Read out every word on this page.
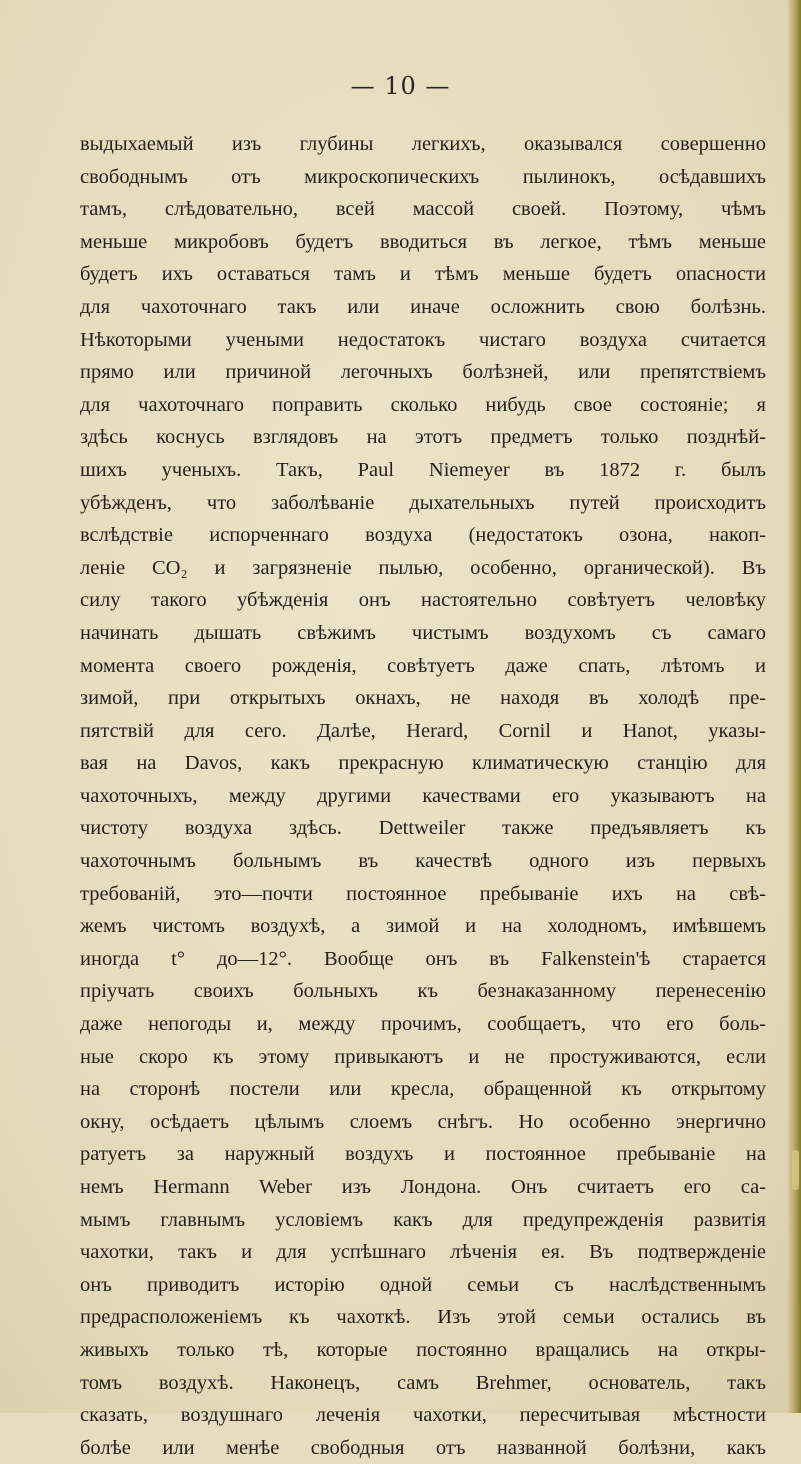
— 10 —
выдыхаемый изъ глубины легкихъ, оказывался совершенно
свободнымъ отъ микроскопическихъ пылинокъ, осѣдавшихъ
тамъ, слѣдовательно, всей массой своей. Поэтому, чѣмъ
меньше микробовъ будетъ вводиться въ легкое, тѣмъ меньше
будетъ ихъ оставаться тамъ и тѣмъ меньше будетъ опасности
для чахоточнаго такъ или иначе осложнить свою болѣзнь.
Нѣкоторыми учеными недостатокъ чистаго воздуха считается
прямо или причиной легочныхъ болѣзней, или препятствіемъ
для чахоточнаго поправить сколько нибудь свое состояніе; я
здѣсь коснусь взглядовъ на этотъ предметъ только позднѣй-
шихъ ученыхъ. Такъ, Paul Niemeyer въ 1872 г. былъ
убѣжденъ, что заболѣваніе дыхательныхъ путей происходитъ
вслѣдствіе испорченнаго воздуха (недостатокъ озона, накоп-
леніе CO₂ и загрязненіе пылью, особенно, органической). Въ
силу такого убѣжденія онъ настоятельно совѣтуетъ человѣку
начинать дышать свѣжимъ чистымъ воздухомъ съ самаго
момента своего рожденія, совѣтуетъ даже спать, лѣтомъ и
зимой, при открытыхъ окнахъ, не находя въ холодѣ пре-
пятствій для сего. Далѣе, Herard, Cornil и Hanot, указы-
вая на Davos, какъ прекрасную климатическую станцію для
чахоточныхъ, между другими качествами его указываютъ на
чистоту воздуха здѣсь. Dettweiler также предъявляетъ къ
чахоточнымъ больнымъ въ качествѣ одного изъ первыхъ
требованій, это—почти постоянное пребываніе ихъ на свѣ-
жемъ чистомъ воздухѣ, а зимой и на холодномъ, имѣвшемъ
иногда t° до—12°. Вообще онъ въ Falkenstein'ѣ старается
пріучать своихъ больныхъ къ безнаказанному перенесенію
даже непогоды и, между прочимъ, сообщаетъ, что его боль-
ные скоро къ этому привыкаютъ и не простуживаются, если
на сторонѣ постели или кресла, обращенной къ открытому
окну, осѣдаетъ цѣлымъ слоемъ снѣгъ. Но особенно энергично
ратуетъ за наружный воздухъ и постоянное пребываніе на
немъ Hermann Weber изъ Лондона. Онъ считаетъ его са-
мымъ главнымъ условіемъ какъ для предупрежденія развитія
чахотки, такъ и для успѣшнаго лѣченія ея. Въ подтвержденіе
онъ приводитъ исторію одной семьи съ наслѣдственнымъ
предрасположеніемъ къ чахоткѣ. Изъ этой семьи остались въ
живыхъ только тѣ, которые постоянно вращались на откры-
томъ воздухѣ. Наконецъ, самъ Brehmer, основатель, такъ
сказать, воздушнаго леченія чахотки, пересчитывая мѣстности
болѣе или менѣе свободныя отъ названной болѣзни, какъ
